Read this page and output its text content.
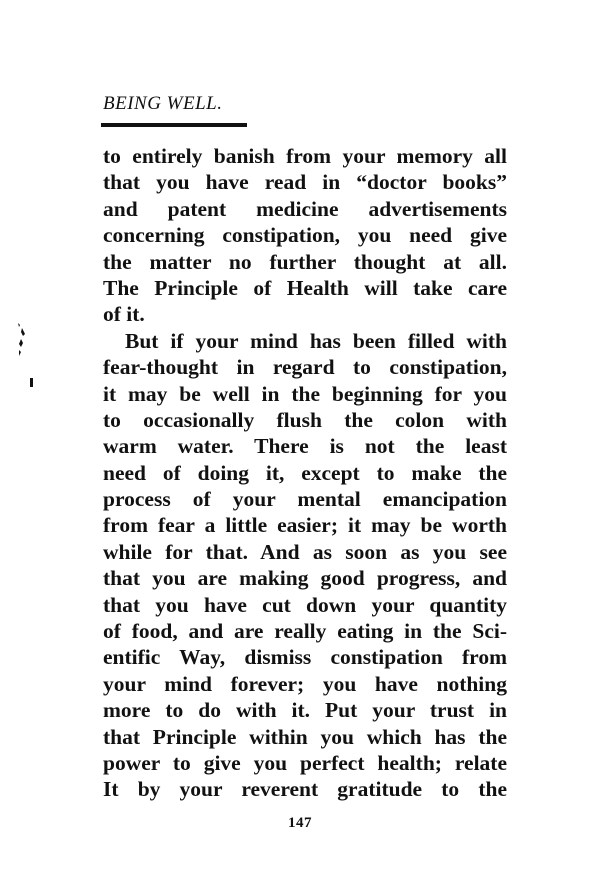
BEING WELL.
to entirely banish from your memory all
that you have read in “doctor books”
and patent medicine advertisements
concerning constipation, you need give
the matter no further thought at all.
The Principle of Health will take care
of it.
But if your mind has been filled with
fear-thought in regard to constipation,
it may be well in the beginning for you
to occasionally flush the colon with
warm water. There is not the least
need of doing it, except to make the
process of your mental emancipation
from fear a little easier; it may be worth
while for that. And as soon as you see
that you are making good progress, and
that you have cut down your quantity
of food, and are really eating in the Sci-
entific Way, dismiss constipation from
your mind forever; you have nothing
more to do with it. Put your trust in
that Principle within you which has the
power to give you perfect health; relate
It by your reverent gratitude to the
147
